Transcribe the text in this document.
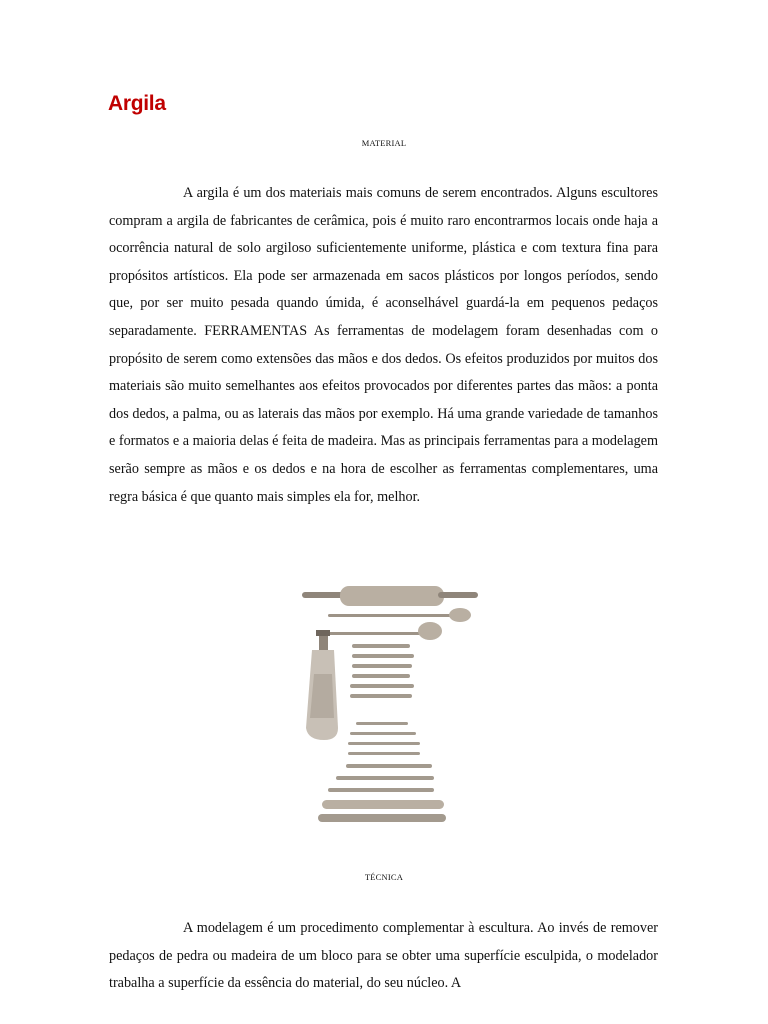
Argila
MATERIAL

A argila é um dos materiais mais comuns de serem encontrados. Alguns escultores compram a argila de fabricantes de cerâmica, pois é muito raro encontrarmos locais onde haja a ocorrência natural de solo argiloso suficientemente uniforme, plástica e com textura fina para propósitos artísticos. Ela pode ser armazenada em sacos plásticos por longos períodos, sendo que, por ser muito pesada quando úmida, é aconselhável guardá-la em pequenos pedaços separadamente. FERRAMENTAS As ferramentas de modelagem foram desenhadas com o propósito de serem como extensões das mãos e dos dedos. Os efeitos produzidos por muitos dos materiais são muito semelhantes aos efeitos provocados por diferentes partes das mãos: a ponta dos dedos, a palma, ou as laterais das mãos por exemplo. Há uma grande variedade de tamanhos e formatos e a maioria delas é feita de madeira. Mas as principais ferramentas para a modelagem serão sempre as mãos e os dedos e na hora de escolher as ferramentas complementares, uma regra básica é que quanto mais simples ela for, melhor.

TÉCNICA

A modelagem é um procedimento complementar à escultura. Ao invés de remover pedaços de pedra ou madeira de um bloco para se obter uma superfície esculpida, o modelador trabalha a superfície da essência do material, do seu núcleo. A
